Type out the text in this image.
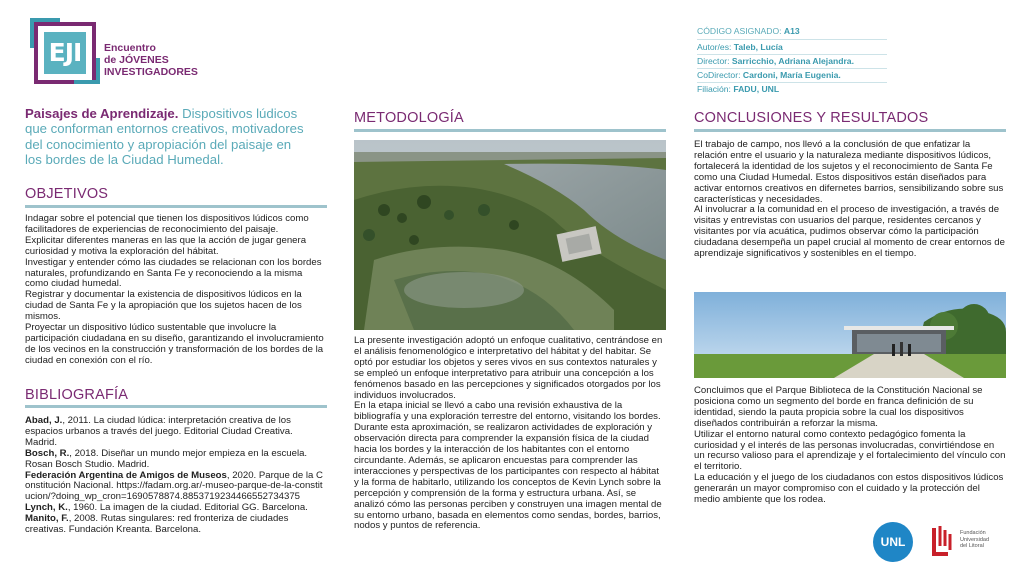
EJI	Encuentro
de JÓVENES
INVESTIGADORES
CÓDIGO ASIGNADO: A13
Autor/es: Taleb, Lucía
Director: Sarricchio, Adriana Alejandra.
CoDirector: Cardoni, María Eugenia.
Filiación: FADU, UNL
Paisajes de Aprendizaje. Dispositivos lúdicos que conforman entornos creativos, motivadores del conocimiento y apropiación del paisaje en los bordes de la Ciudad Humedal.
OBJETIVOS
Indagar sobre el potencial que tienen los dispositivos lúdicos como facilitadores de experiencias de reconocimiento del paisaje.
Explicitar diferentes maneras en las que la acción de jugar genera curiosidad y motiva la exploración del hábitat.
Investigar y entender cómo las ciudades se relacionan con los bordes naturales, profundizando en Santa Fe y reconociendo a la misma como ciudad humedal.
Registrar y documentar la existencia de dispositivos lúdicos en la ciudad de Santa Fe y la apropiación que los sujetos hacen de los mismos.
Proyectar un dispositivo lúdico sustentable que involucre la participación ciudadana en su diseño, garantizando el involucramiento de los vecinos en la construcción y transformación de los bordes de la ciudad en conexión con el río.
BIBLIOGRAFÍA

Abad, J., 2011. La ciudad lúdica: interpretación creativa de los espacios urbanos a través del juego. Editorial Ciudad Creativa. Madrid.

Bosch, R., 2018. Diseñar un mundo mejor empieza en la escuela. Rosan Bosch Studio. Madrid.

Federación Argentina de Amigos de Museos, 2020. Parque de la Constitución Nacional. https://fadam.org.ar/-museo-parque-de-la-constitucion/?doing_wp_cron=1690578874.8853719234466552734375

Lynch, K., 1960. La imagen de la ciudad. Editorial GG. Barcelona.

Manito, F., 2008. Rutas singulares: red fronteriza de ciudades creativas. Fundación Kreanta. Barcelona.

METODOLOGÍA
La presente investigación adoptó un enfoque cualitativo, centrándose en el análisis fenomenológico e interpretativo del hábitat y del habitar. Se optó por estudiar los objetos y seres vivos en sus contextos naturales y se empleó un enfoque interpretativo para atribuir una concepción a los fenómenos basado en las percepciones y significados otorgados por los individuos involucrados.
En la etapa inicial se llevó a cabo una revisión exhaustiva de la bibliografía y una exploración terrestre del entorno, visitando los bordes. Durante esta aproximación, se realizaron actividades de exploración y observación directa para comprender la expansión física de la ciudad hacia los bordes y la interacción de los habitantes con el entorno circundante. Además, se aplicaron encuestas para comprender las interacciones y perspectivas de los participantes con respecto al hábitat y la forma de habitarlo, utilizando los conceptos de Kevin Lynch sobre la percepción y comprensión de la forma y estructura urbana. Así, se analizó cómo las personas perciben y construyen una imagen mental de su entorno urbano, basada en elementos como sendas, bordes, barrios, nodos y puntos de referencia.
CONCLUSIONES Y RESULTADOS
El trabajo de campo, nos llevó a la conclusión de que enfatizar la relación entre el usuario y la naturaleza mediante dispositivos lúdicos, fortalecerá la identidad de los sujetos y el reconocimiento de Santa Fe como una Ciudad Humedal. Estos dispositivos están diseñados para activar entornos creativos en difernetes barrios, sensibilizando sobre sus características y necesidades.
Al involucrar a la comunidad en el proceso de investigación, a través de visitas y entrevistas con usuarios del parque, residentes cercanos y visitantes por vía acuática, pudimos observar cómo la participación ciudadana desempeña un papel crucial al momento de crear entornos de aprendizaje significativos y sostenibles en el tiempo.
Concluimos que el Parque Biblioteca de la Constitución Nacional se posiciona como un segmento del borde en franca definición de su identidad, siendo la pauta propicia sobre la cual los dispositivos diseñados contribuirán a reforzar la misma.
Utilizar el entorno natural como contexto pedagógico fomenta la curiosidad y el interés de las personas involucradas, convirtiéndose en un recurso valioso para el aprendizaje y el fortalecimiento del vínculo con el territorio.
La educación y el juego de los ciudadanos con estos dispositivos lúdicos generarán un mayor compromiso con el cuidado y la protección del medio ambiente que los rodea.
UNL
Fundación
Universidad
del Litoral
